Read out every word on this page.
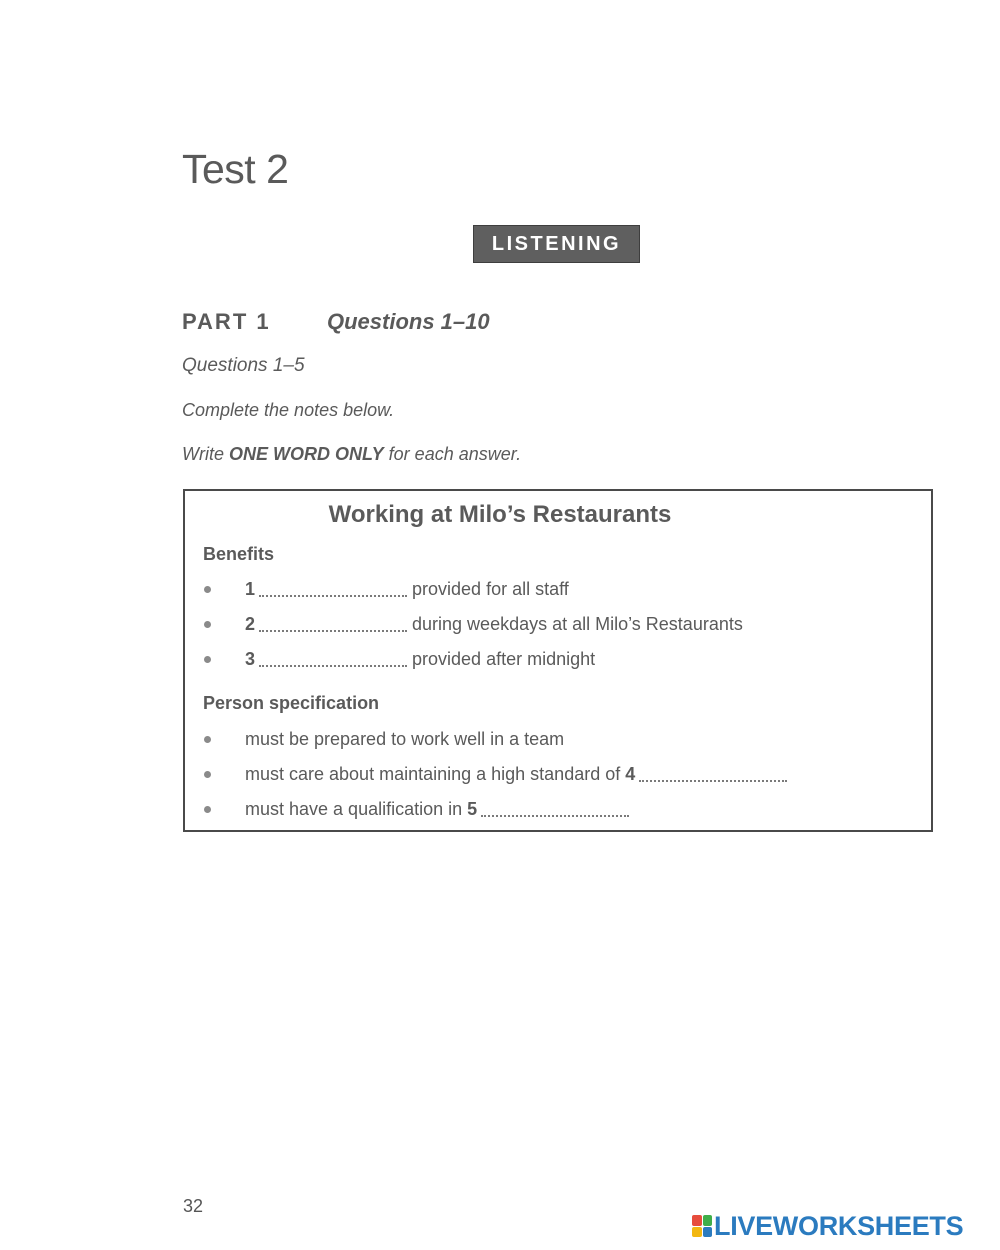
Test 2
LISTENING
PART 1	Questions 1–10
Questions 1–5
Complete the notes below.
Write ONE WORD ONLY for each answer.
Working at Milo’s Restaurants
Benefits
1	provided for all staff
2	during weekdays at all Milo’s Restaurants
3	provided after midnight
Person specification
must be prepared to work well in a team
must care about maintaining a high standard of 4
must have a qualification in 5
32
LIVEWORKSHEETS
